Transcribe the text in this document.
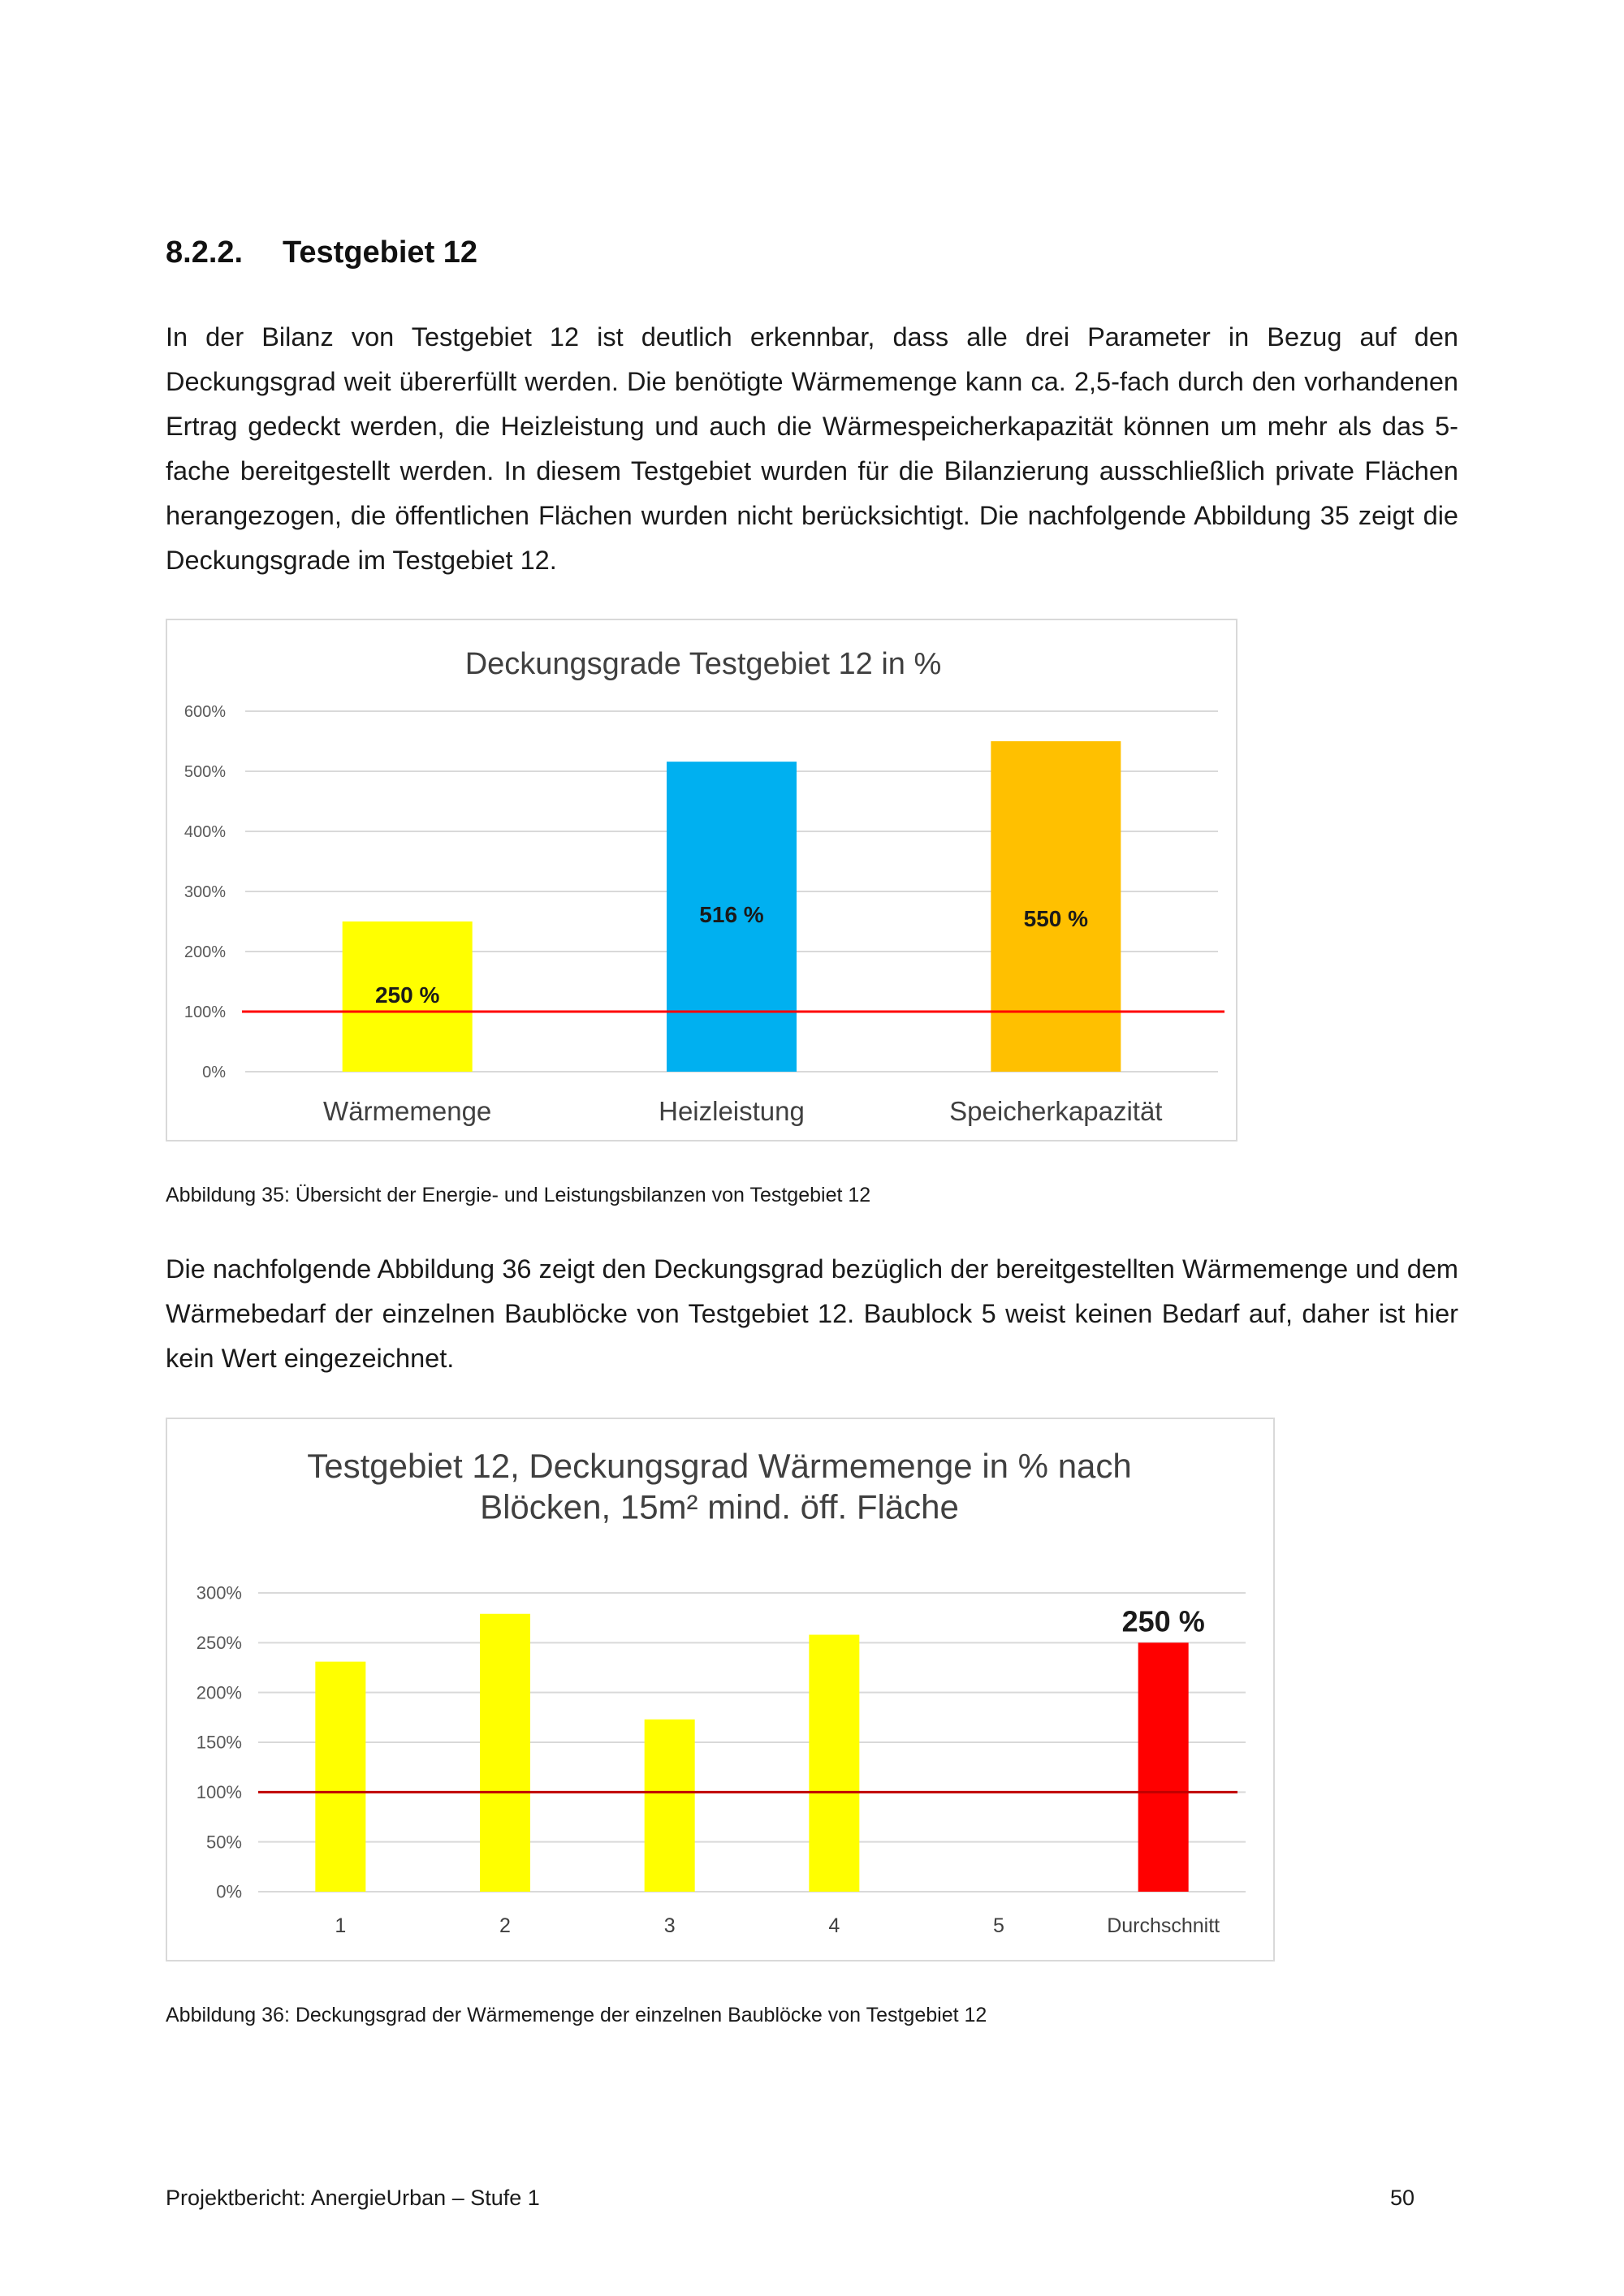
8.2.2. Testgebiet 12

In der Bilanz von Testgebiet 12 ist deutlich erkennbar, dass alle drei Parameter in Bezug auf den Deckungsgrad weit übererfüllt werden. Die benötigte Wärmemenge kann ca. 2,5-fach durch den vorhandenen Ertrag gedeckt werden, die Heizleistung und auch die Wärmespeicherkapazität können um mehr als das 5-fache bereitgestellt werden. In diesem Testgebiet wurden für die Bilanzierung ausschließlich private Flächen herangezogen, die öffentlichen Flächen wurden nicht berücksichtigt. Die nachfolgende Abbildung 35 zeigt die Deckungsgrade im Testgebiet 12.

Deckungsgrade Testgebiet 12 in %
0%
100%
200%
300%
400%
500%
600%
Wärmemenge
250 %
Heizleistung
516 %
Speicherkapazität
550 %
Abbildung 35: Übersicht der Energie- und Leistungsbilanzen von Testgebiet 12

Die nachfolgende Abbildung 36 zeigt den Deckungsgrad bezüglich der bereitgestellten Wärmemenge und dem Wärmebedarf der einzelnen Baublöcke von Testgebiet 12. Baublock 5 weist keinen Bedarf auf, daher ist hier kein Wert eingezeichnet.

Testgebiet 12, Deckungsgrad Wärmemenge in % nach
Blöcken, 15m² mind. öff. Fläche
0%
50%
100%
150%
200%
250%
300%
1	2	3	4	5	Durchschnitt
250 %
Abbildung 36: Deckungsgrad der Wärmemenge der einzelnen Baublöcke von Testgebiet 12
Projektbericht: AnergieUrban – Stufe 1	50
